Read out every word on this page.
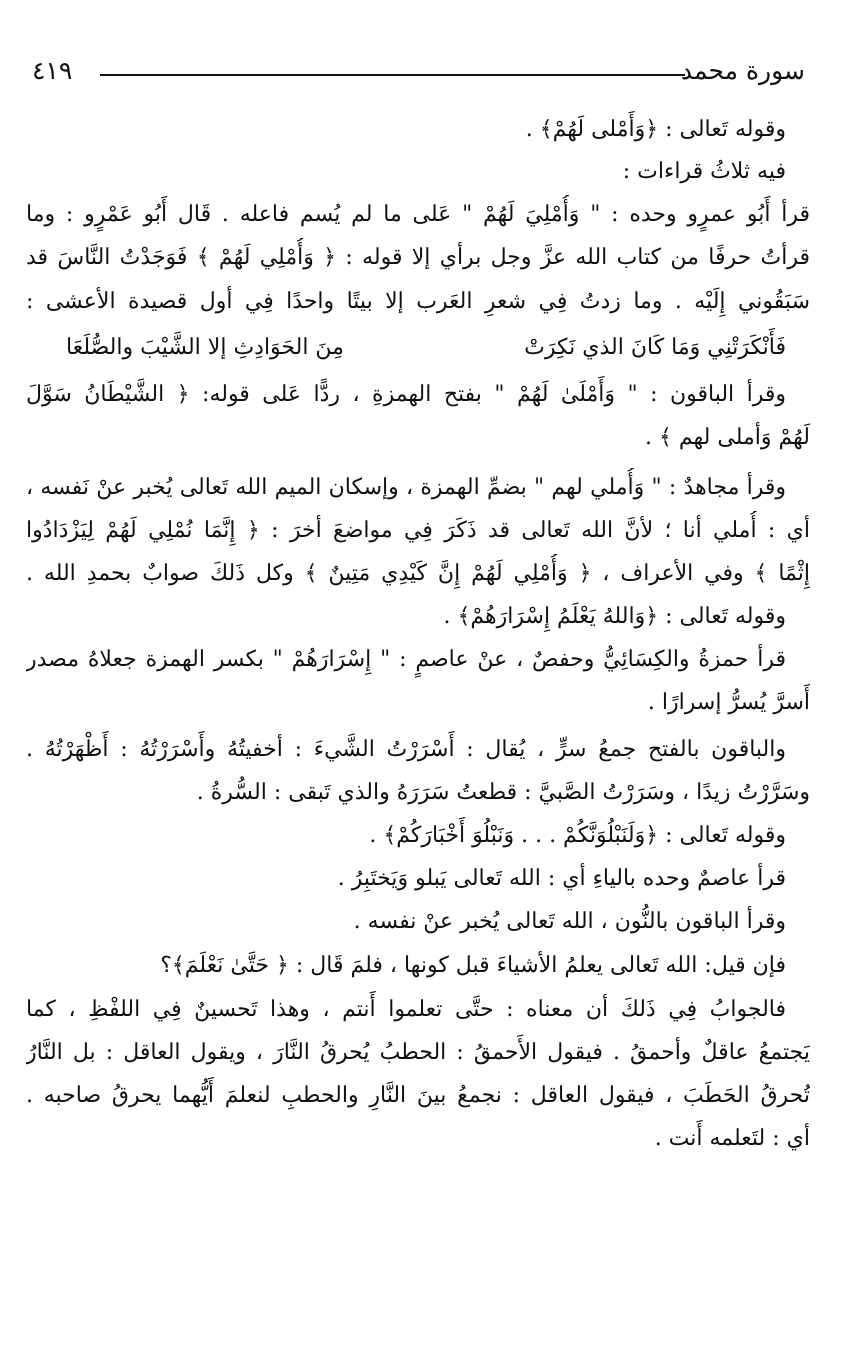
سورة محمد
٤١٩
وقوله تَعالى : ﴿وَأَمْلى لَهُمْ﴾ .
فيه ثلاثُ قراءات :
قرأ أَبُو عمرٍو وحده : " وَأُمْلِيَ لَهُمْ " عَلى ما لم يُسم فاعله . قَال أَبُو عَمْرٍو : وما
قرأتُ حرفًا من كتاب الله عزَّ وجل برأي إلا قوله : ﴿ وَأُمْلِي لَهُمْ ﴾ فَوَجَدْتُ النَّاسَ قد
سَبَقُوني إِلَيْه . وما زدتُ فِي شعرِ العَرب إلا بيتًا واحدًا فِي أول قصيدة الأعشى :
فَأَنْكَرَتْنِي وَمَا كَانَ الذي نَكِرَتْ
مِنَ الحَوَادِثِ إلا الشَّيْبَ والصُّلَعَا
وقرأ الباقون : " وَأَمْلَىٰ لَهُمْ " بفتح الهمزةِ ، ردًّا عَلى قوله: ﴿ الشَّيْطَانُ سَوَّلَ
لَهُمْ وَأملى لهم ﴾ .
وقرأ مجاهدٌ : " وَأُملي لهم " بضمِّ الهمزة ، وإسكان الميم الله تَعالى يُخبر عنْ نَفسه ،
أي : أُملي أنا ؛ لأنَّ الله تَعالى قد ذَكَرَ فِي مواضعَ أخرَ : ﴿ إِنَّمَا نُمْلِي لَهُمْ لِيَزْدَادُوا
إِثْمًا ﴾ وفي الأعراف ، ﴿ وَأُمْلِي لَهُمْ إِنَّ كَيْدِي مَتِينٌ ﴾ وكل ذَلكَ صوابٌ بحمدِ الله .
وقوله تَعالى : ﴿وَاللهُ يَعْلَمُ إِسْرَارَهُمْ﴾ .
قرأ حمزةُ والكِسَائِيُّ وحفصٌ ، عنْ عاصمٍ : " إِسْرَارَهُمْ " بكسر الهمزة جعلاهُ مصدر
أَسرَّ يُسرُّ إسرارًا .
والباقون بالفتح جمعُ سرٍّ ، يُقال : أَسْرَرْتُ الشَّيءَ : أخفيتُهُ وأَسْرَرْتُهُ : أَظْهَرْتُهُ .
وسَرَّرْتُ زيدًا ، وسَرَرْتُ الصَّبيَّ : قطعتُ سَرَرَهُ والذي تَبقى : السُّرةُ .
وقوله تَعالى : ﴿وَلَنَبْلُوَنَّكُمْ . . . وَنَبْلُوَ أَخْبَارَكُمْ﴾ .
قرأ عاصمٌ وحده بالياءِ أي : الله تَعالى يَبلو وَيَختَبِرُ .
وقرأ الباقون بالنُّون ، الله تَعالى يُخبر عنْ نفسه .
فإن قيل: الله تَعالى يعلمُ الأشياءَ قبل كونها ، فلمَ قَال : ﴿ حَتَّىٰ نَعْلَمَ﴾؟
فالجوابُ فِي ذَلكَ أن معناه : حتَّى تعلموا أَنتم ، وهذا تَحسينٌ فِي اللفْظِ ، كما
يَجتمعُ عاقلٌ وأحمقُ . فيقول الأَحمقُ : الحطبُ يُحرقُ النَّارَ ، ويقول العاقل : بل النَّارُ
تُحرقُ الحَطَبَ ، فيقول العاقل : نجمعُ بينَ النَّارِ والحطبِ لنعلمَ أَيُّهما يحرقُ صاحبه .
أي : لتَعلمه أَنت .
